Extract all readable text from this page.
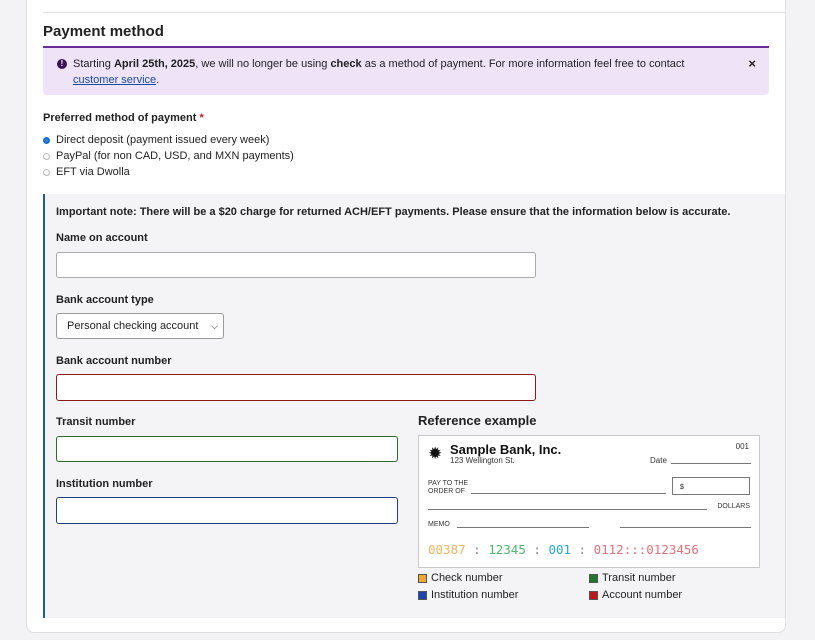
Payment method
! Starting April 25th, 2025, we will no longer be using check as a method of payment. For more information feel free to contact
customer service.
×
Preferred method of payment *
Direct deposit (payment issued every week)
PayPal (for non CAD, USD, and MXN payments)
EFT via Dwolla
Important note: There will be a $20 charge for returned ACH/EFT payments. Please ensure that the information below is accurate.
Name on account
Bank account type
Personal checking account ⌵
Bank account number
Transit number
Institution number
Reference example
✹ Sample Bank, Inc.
123 Wellington St.
001
Date
PAY TO THE
ORDER OF
$
DOLLARS
MEMO
00387 : 12345 : 001 : 0112:::0123456
Check number	Transit number
Institution number	Account number
